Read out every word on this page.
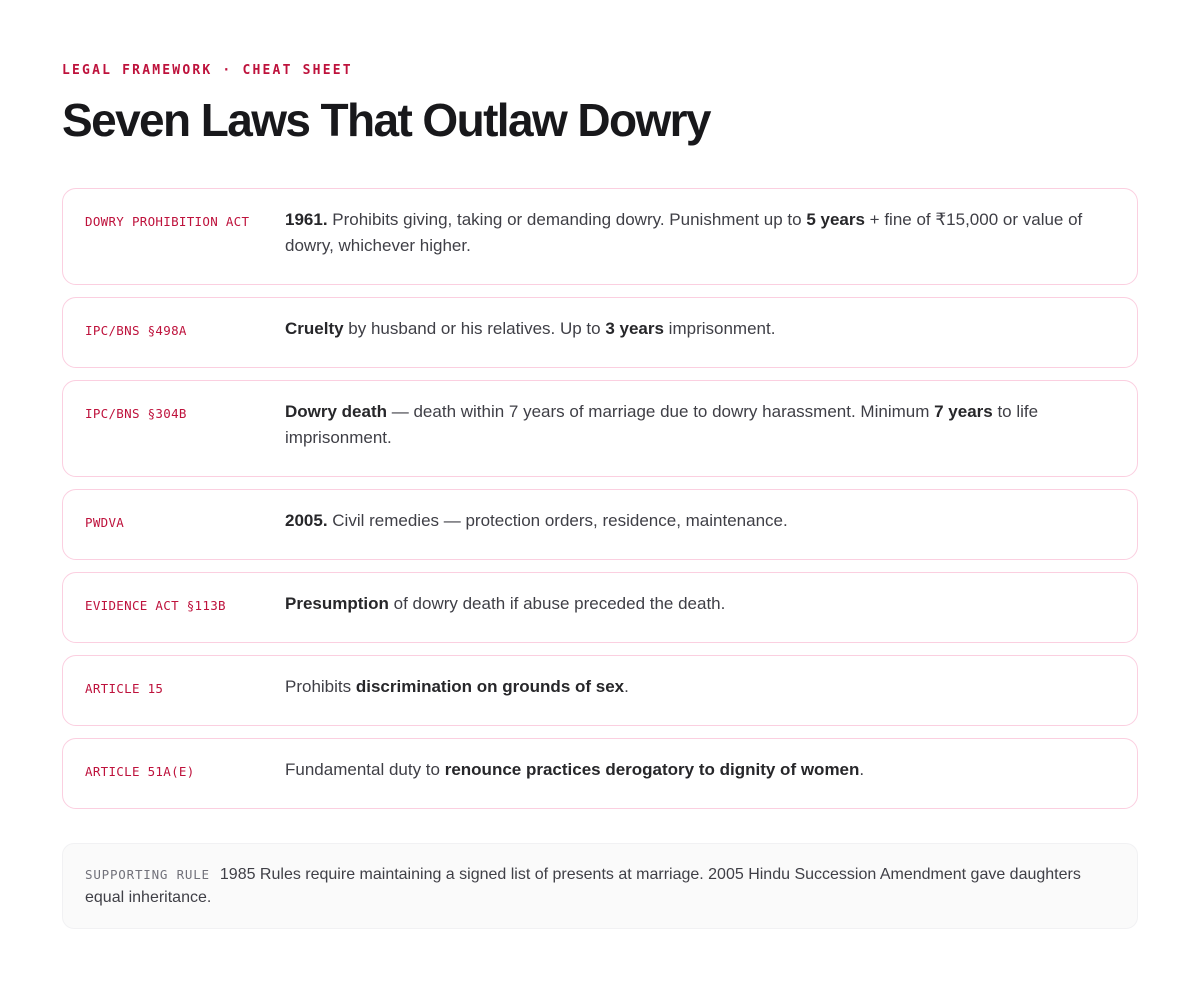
LEGAL FRAMEWORK · CHEAT SHEET
Seven Laws That Outlaw Dowry
DOWRY PROHIBITION ACT	1961. Prohibits giving, taking or demanding dowry. Punishment up to 5 years + fine of ₹15,000 or value of dowry, whichever higher.
IPC/BNS §498A	Cruelty by husband or his relatives. Up to 3 years imprisonment.
IPC/BNS §304B	Dowry death — death within 7 years of marriage due to dowry harassment. Minimum 7 years to life imprisonment.
PWDVA	2005. Civil remedies — protection orders, residence, maintenance.
EVIDENCE ACT §113B	Presumption of dowry death if abuse preceded the death.
ARTICLE 15	Prohibits discrimination on grounds of sex.
ARTICLE 51A(E)	Fundamental duty to renounce practices derogatory to dignity of women.
SUPPORTING RULE 1985 Rules require maintaining a signed list of presents at marriage. 2005 Hindu Succession Amendment gave daughters equal inheritance.
